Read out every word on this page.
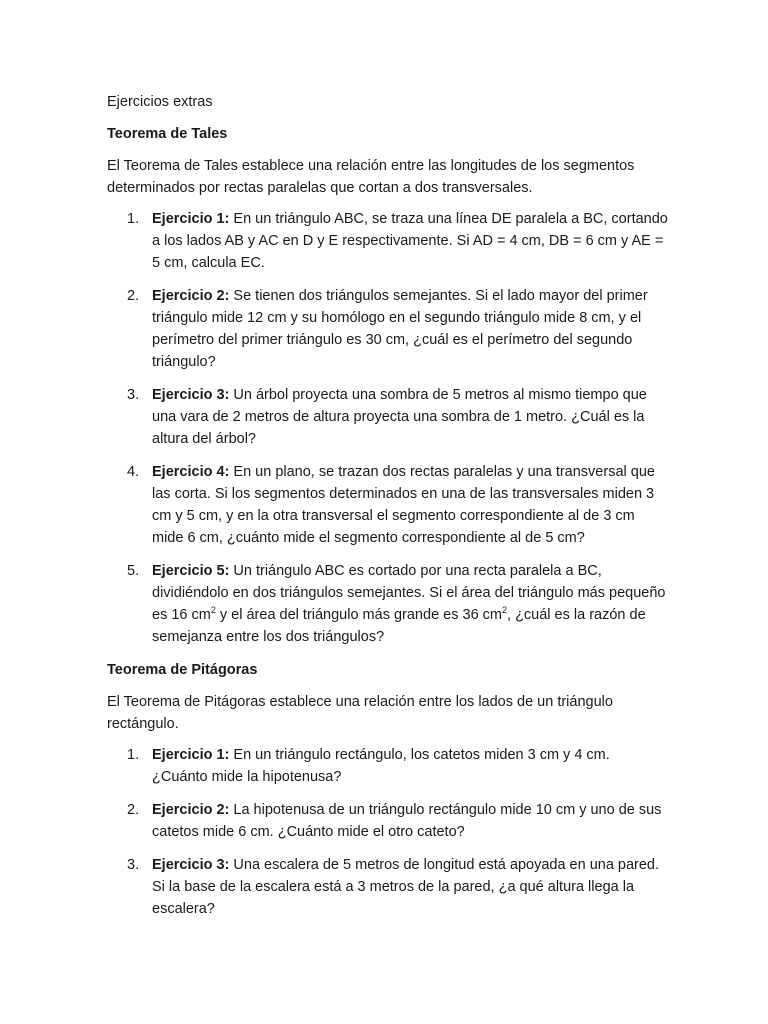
Ejercicios extras

Teorema de Tales

El Teorema de Tales establece una relación entre las longitudes de los segmentos determinados por rectas paralelas que cortan a dos transversales.

1. Ejercicio 1: En un triángulo ABC, se traza una línea DE paralela a BC, cortando a los lados AB y AC en D y E respectivamente. Si AD = 4 cm, DB = 6 cm y AE = 5 cm, calcula EC.
2. Ejercicio 2: Se tienen dos triángulos semejantes. Si el lado mayor del primer triángulo mide 12 cm y su homólogo en el segundo triángulo mide 8 cm, y el perímetro del primer triángulo es 30 cm, ¿cuál es el perímetro del segundo triángulo?
3. Ejercicio 3: Un árbol proyecta una sombra de 5 metros al mismo tiempo que una vara de 2 metros de altura proyecta una sombra de 1 metro. ¿Cuál es la altura del árbol?
4. Ejercicio 4: En un plano, se trazan dos rectas paralelas y una transversal que las corta. Si los segmentos determinados en una de las transversales miden 3 cm y 5 cm, y en la otra transversal el segmento correspondiente al de 3 cm mide 6 cm, ¿cuánto mide el segmento correspondiente al de 5 cm?
5. Ejercicio 5: Un triángulo ABC es cortado por una recta paralela a BC, dividiéndolo en dos triángulos semejantes. Si el área del triángulo más pequeño es 16 $cm^2$ y el área del triángulo más grande es 36 $cm^2$, ¿cuál es la razón de semejanza entre los dos triángulos?

Teorema de Pitágoras

El Teorema de Pitágoras establece una relación entre los lados de un triángulo rectángulo.

1. Ejercicio 1: En un triángulo rectángulo, los catetos miden 3 cm y 4 cm. ¿Cuánto mide la hipotenusa?
2. Ejercicio 2: La hipotenusa de un triángulo rectángulo mide 10 cm y uno de sus catetos mide 6 cm. ¿Cuánto mide el otro cateto?
3. Ejercicio 3: Una escalera de 5 metros de longitud está apoyada en una pared. Si la base de la escalera está a 3 metros de la pared, ¿a qué altura llega la escalera?
